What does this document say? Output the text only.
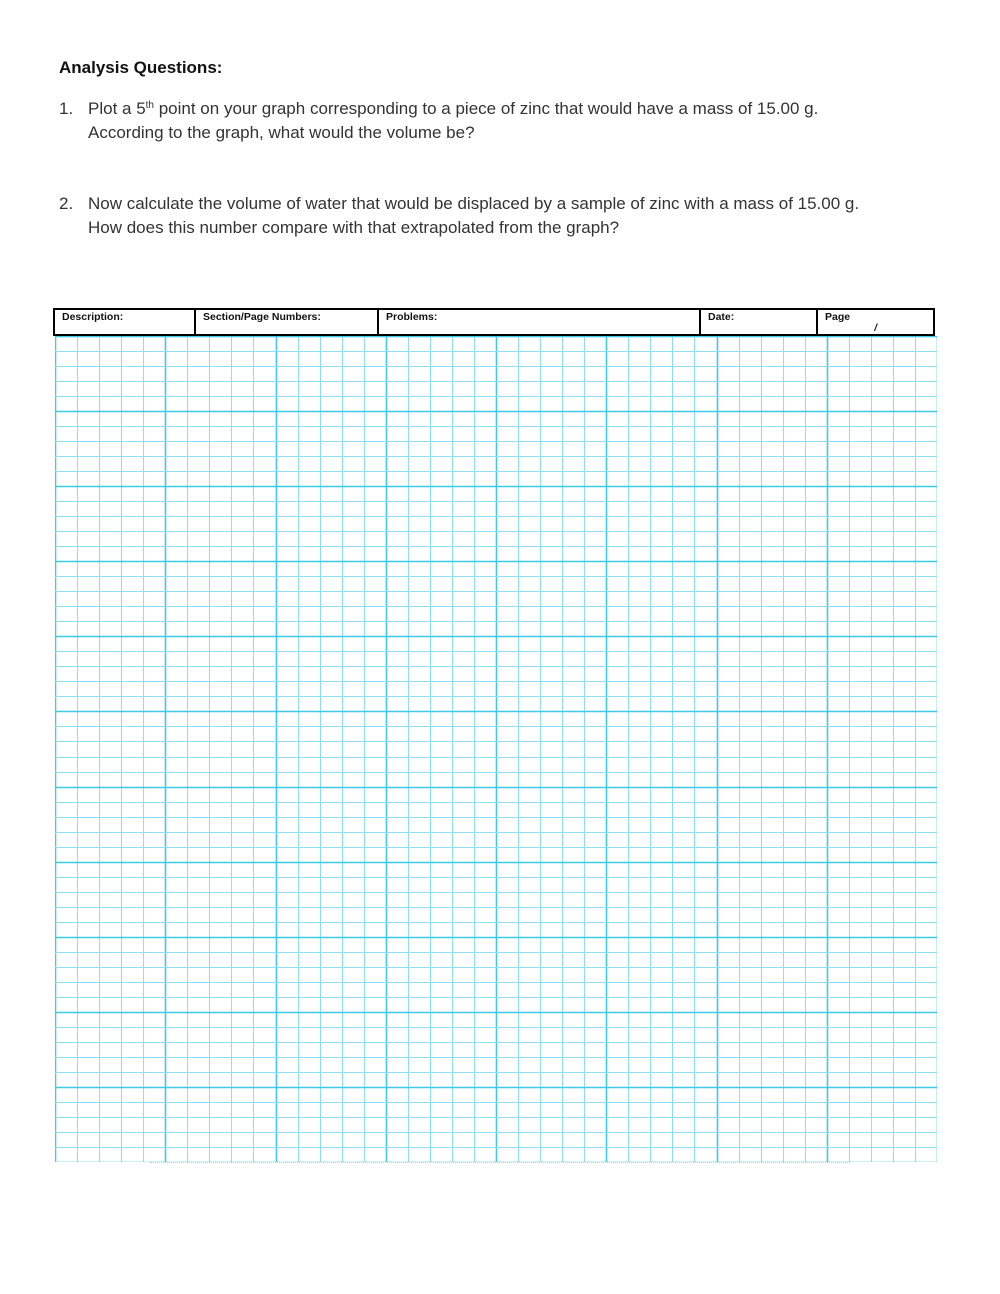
Analysis Questions:
1. Plot a 5th point on your graph corresponding to a piece of zinc that would have a mass of 15.00 g.
According to the graph, what would the volume be?
2. Now calculate the volume of water that would be displaced by a sample of zinc with a mass of 15.00 g.
How does this number compare with that extrapolated from the graph?
Description:	Section/Page Numbers:	Problems:	Date:	Page
/
